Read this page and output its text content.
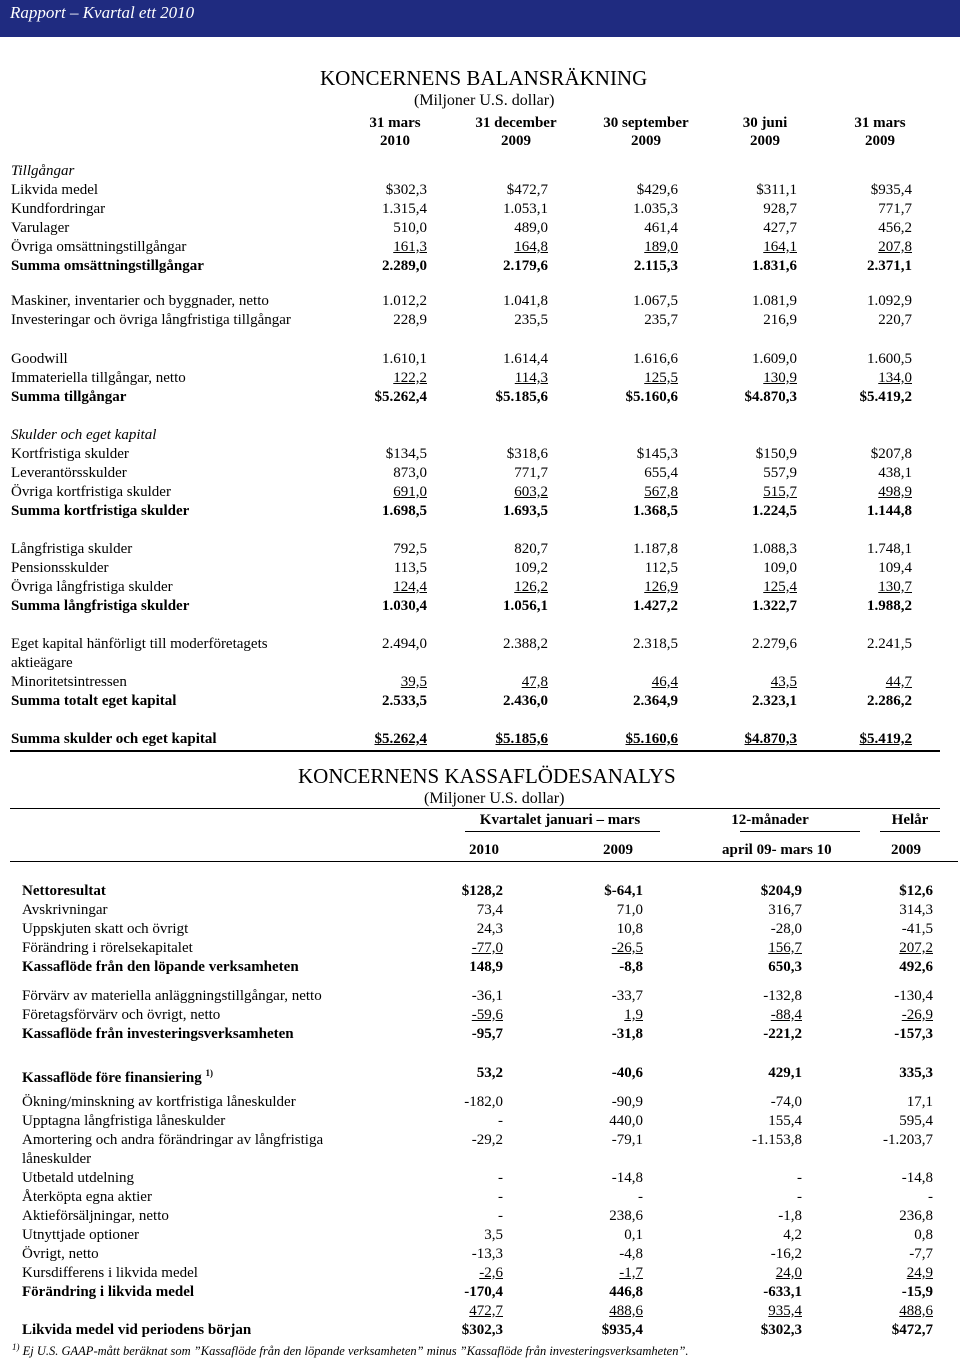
Rapport – Kvartal ett 2010
KONCERNENS BALANSRÄKNING
(Miljoner U.S. dollar)
31 mars
2010
31 december
2009
30 september
2009
30 juni
2009
31 mars
2009
Tillgångar
Likvida medel	$302,3	$472,7	$429,6	$311,1	$935,4
Kundfordringar	1.315,4	1.053,1	1.035,3	928,7	771,7
Varulager	510,0	489,0	461,4	427,7	456,2
Övriga omsättningstillgångar	161,3	164,8	189,0	164,1	207,8
Summa omsättningstillgångar	2.289,0	2.179,6	2.115,3	1.831,6	2.371,1
Maskiner, inventarier och byggnader, netto	1.012,2	1.041,8	1.067,5	1.081,9	1.092,9
Investeringar och övriga långfristiga tillgångar	228,9	235,5	235,7	216,9	220,7
Goodwill	1.610,1	1.614,4	1.616,6	1.609,0	1.600,5
Immateriella tillgångar, netto	122,2	114,3	125,5	130,9	134,0
Summa tillgångar	$5.262,4	$5.185,6	$5.160,6	$4.870,3	$5.419,2
Skulder och eget kapital
Kortfristiga skulder	$134,5	$318,6	$145,3	$150,9	$207,8
Leverantörsskulder	873,0	771,7	655,4	557,9	438,1
Övriga kortfristiga skulder	691,0	603,2	567,8	515,7	498,9
Summa kortfristiga skulder	1.698,5	1.693,5	1.368,5	1.224,5	1.144,8
Långfristiga skulder	792,5	820,7	1.187,8	1.088,3	1.748,1
Pensionsskulder	113,5	109,2	112,5	109,0	109,4
Övriga långfristiga skulder	124,4	126,2	126,9	125,4	130,7
Summa långfristiga skulder	1.030,4	1.056,1	1.427,2	1.322,7	1.988,2
Eget kapital hänförligt till moderföretagets aktieägare
2.494,0	2.388,2	2.318,5	2.279,6	2.241,5
Minoritetsintressen	39,5	47,8	46,4	43,5	44,7
Summa totalt eget kapital	2.533,5	2.436,0	2.364,9	2.323,1	2.286,2
Summa skulder och eget kapital	$5.262,4	$5.185,6	$5.160,6	$4.870,3	$5.419,2
KONCERNENS KASSAFLÖDESANALYS
(Miljoner U.S. dollar)
Kvartalet januari – mars	12-månader	Helår
2010	2009	april 09- mars 10	2009
Nettoresultat	$128,2	$-64,1	$204,9	$12,6
Avskrivningar	73,4	71,0	316,7	314,3
Uppskjuten skatt och övrigt	24,3	10,8	-28,0	-41,5
Förändring i rörelsekapitalet	-77,0	-26,5	156,7	207,2
Kassaflöde från den löpande verksamheten	148,9	-8,8	650,3	492,6
Förvärv av materiella anläggningstillgångar, netto	-36,1	-33,7	-132,8	-130,4
Företagsförvärv och övrigt, netto	-59,6	1,9	-88,4	-26,9
Kassaflöde från investeringsverksamheten	-95,7	-31,8	-221,2	-157,3
Kassaflöde före finansiering $^{1)}$	53,2	-40,6	429,1	335,3
Ökning/minskning av kortfristiga låneskulder	-182,0	-90,9	-74,0	17,1
Upptagna långfristiga låneskulder	-	440,0	155,4	595,4
Amortering och andra förändringar av långfristiga låneskulder
-29,2	-79,1	-1.153,8	-1.203,7
Utbetald utdelning	-	-14,8	-	-14,8
Återköpta egna aktier	-	-	-	-
Aktieförsäljningar, netto	-	238,6	-1,8	236,8
Utnyttjade optioner	3,5	0,1	4,2	0,8
Övrigt, netto	-13,3	-4,8	-16,2	-7,7
Kursdifferens i likvida medel	-2,6	-1,7	24,0	24,9
Förändring i likvida medel	-170,4	446,8	-633,1	-15,9
472,7	488,6	935,4	488,6
Likvida medel vid periodens början	$302,3	$935,4	$302,3	$472,7
$^{1)}$ Ej U.S. GAAP-mått beräknat som ”Kassaflöde från den löpande verksamheten” minus ”Kassaflöde från investeringsverksamheten”.
